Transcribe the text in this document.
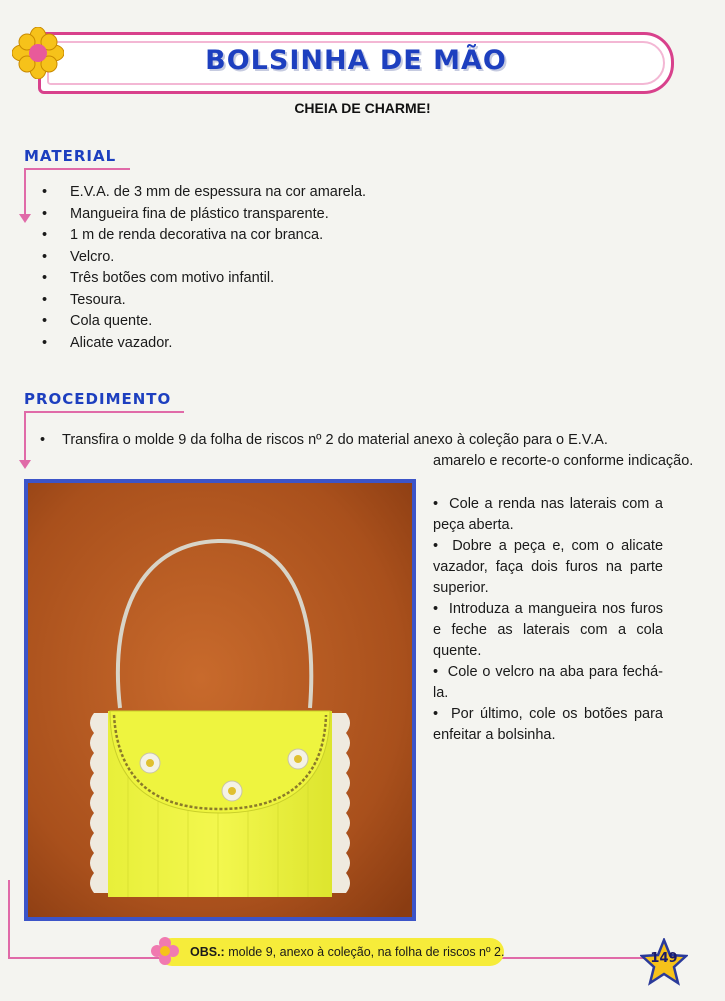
BOLSINHA DE MÃO
CHEIA DE CHARME!
MATERIAL
• E.V.A. de 3 mm de espessura na cor amarela.
• Mangueira fina de plástico transparente.
• 1 m de renda decorativa na cor branca.
• Velcro.
• Três botões com motivo infantil.
• Tesoura.
• Cola quente.
• Alicate vazador.
PROCEDIMENTO
• Transfira o molde 9 da folha de riscos nº 2 do material anexo à coleção para o E.V.A.
amarelo e recorte-o conforme indicação.

•  Cole a renda nas laterais com a peça aberta.

•  Dobre a peça e, com o alicate vazador, faça dois furos na parte superior.

•  Introduza a mangueira nos furos e feche as laterais com a cola quente.

•  Cole o velcro na aba para fechá-la.

•  Por último, cole os botões para enfeitar a bolsinha.

OBS.: molde 9, anexo à coleção, na folha de riscos nº 2.	149
